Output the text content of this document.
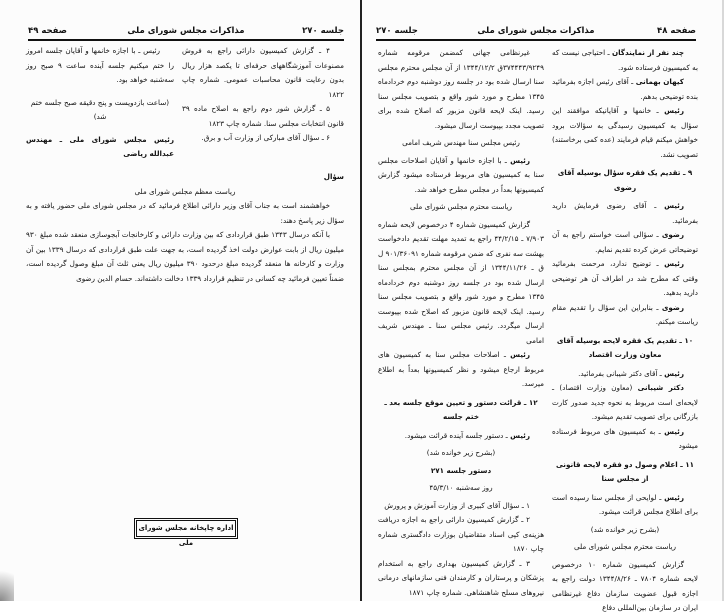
جلسه ۲۷۰
مذاکرات مجلس شورای ملی
صفحه ۴۹

۴ ـ گزارش کمیسیون دارائی راجع به فروش مصنوعات آموزشگاههای حرفه‌ای تا یکصد هزار ریال بدون رعایت قانون محاسبات عمومی. شماره چاپ ۱۸۲۲

۵ ـ گزارش شور دوم راجع به اصلاح ماده ۳۹ قانون انتخابات مجلس سنا. شماره چاپ ۱۸۲۳

۶ ـ سؤال آقای مبارکی از وزارت آب و برق.

رئیس ـ با اجازه خانمها و آقایان جلسه امروز را ختم میکنیم جلسه آینده ساعت ۹ صبح روز سه‌شنبه خواهد بود.

(ساعت بازدویست و پنج دقیقه صبح جلسه ختم شد)

رئیس مجلس شورای ملی ـ مهندس عبدالله ریاضی

سؤال

ریاست معظم مجلس شورای ملی

خواهشمند است به جناب آقای وزیر دارائی اطلاع فرمائید که در مجلس شورای ملی حضور یافته و به سؤال زیر پاسخ دهند:

با آنکه درسال ۱۳۴۳ طبق قراردادی که بین وزارت دارائی و کارخانجات آبجوسازی منعقد شده مبلغ ۹۳۰ میلیون ریال از بابت عوارض دولت اخذ گردیده است، به جهت علت طبق قراردادی که درسال ۱۳۳۹ بین آن وزارت و کارخانه ها منعقد گردیده مبلغ درحدود ۳۹۰ میلیون ریال یعنی ثلث آن مبلغ وصول گردیده است، ضمناً تعیین فرمائید چه کسانی در تنظیم قرارداد ۱۳۳۹ دخالت داشته‌اند. حسام الدین رضوی

اداره چاپخانه مجلس شورای ملی
صفحه ۴۸
مذاکرات مجلس شورای ملی
جلسه ۲۷۰

چند نفر از نمایندگان ـ احتیاجی نیست که به کمیسیون فرستاده شود.

کیهان بهمانی ـ آقای رئیس اجازه بفرمائید بنده توضیحی بدهم.

رئیس ـ خانمها و آقایانیکه موافقند این سؤال به کمیسیون رسیدگی به سؤالات برود خواهش میکنم قیام فرمایند (عده کمی برخاستند) تصویب نشد.

۹ ـ تقدیم یک فقره سؤال بوسیله آقای رضوی

رئیس ـ آقای رضوی فرمایش دارید بفرمائید.

رضوی ـ سؤالی است خواستم راجع به آن توضیحاتی عرض کرده تقدیم نمایم.

رئیس ـ توضیح ندارد، مرحمت بفرمائید وقتی که مطرح شد در اطراف آن هر توضیحی دارید بدهید.

رضوی ـ بنابراین این سؤال را تقدیم مقام ریاست میکنم.

۱۰ ـ تقدیم یک فقره لایحه بوسیله آقای معاون وزارت اقتصاد

رئیس ـ آقای دکتر شیبانی بفرمائید.

دکتر شیبانی (معاون وزارت اقتصاد) ـ لایحه‌ای است مربوط به نحوه جدید صدور کارت بازرگانی برای تصویب تقدیم میشود.

رئیس ـ به کمیسیون های مربوط فرستاده میشود

۱۱ ـ اعلام وصول دو فقره لایحه قانونی از مجلس سنا

رئیس ـ لوایحی از مجلس سنا رسیده است برای اطلاع مجلس قرائت میشود.

(بشرح زیر خوانده شد)

ریاست محترم مجلس شورای ملی

گزارش کمیسیون شماره ۱۰ درخصوص لایحه شماره ۷۸۰۴ ـ ۱۳۴۴/۸/۲۶ دولت راجع به اجازه قبول عضویت سازمان دفاع غیرنظامی ایران در سازمان بین‌المللی دفاع

غیرنظامی جهانی کمضمن مرقومه شماره ۳۷۴۴۴۳/۹۲۴۹ق ۱۳۴۴/۱۲/۲ از آن مجلس محترم مجلس سنا ارسال شده بود در جلسه روز دوشنبه دوم خردادماه ۱۳۴۵ مطرح و مورد شور واقع و بتصویب مجلس سنا رسید. اینک لایحه قانون مزبور که اصلاح شده برای تصویب مجدد بپیوست ارسال میشود.

رئیس مجلس سنا مهندس شریف امامی

رئیس ـ با اجازه خانمها و آقایان اصلاحات مجلس سنا به کمیسیون های مربوط فرستاده میشود گزارش کمیسیونها بعداً در مجلس مطرح خواهد شد.

ریاست محترم مجلس شورای ملی

گزارش کمیسیون شماره ۴ درخصوص لایحه شماره ۷/۹۰۳ ـ ۴۴/۲/۱۵ راجع به تمدید مهلت تقدیم دادخواست بهشت سه نفری که ضمن مرقومه شماره ۹۰۱/۳۶۰۹۱ ل ق ـ ۱۳۴۴/۱۱/۲۶ از آن مجلس محترم بمجلس سنا ارسال شده بود در جلسه روز دوشنبه دوم خردادماه ۱۳۴۵ مطرح و مورد شور واقع و بتصویب مجلس سنا رسید. اینک لایحه قانون مزبور که اصلاح شده بپیوست ارسال میگردد. رئیس مجلس سنا ـ مهندس شریف امامی

رئیس ـ اصلاحات مجلس سنا به کمیسیون های مربوط ارجاع میشود و نظر کمیسیونها بعداً به اطلاع میرسد.

۱۲ ـ قرائت دستور و تعیین موقع جلسه بعد ـ ختم جلسه

رئیس ـ دستور جلسه آینده قرائت میشود.

(بشرح زیر خوانده شد)

دستور جلسه ۲۷۱

روز سه‌شنبه ۴۵/۳/۱۰

۱ ـ سؤال آقای کبیری از وزارت آموزش و پرورش

۲ ـ گزارش کمیسیون دارائی راجع به اجازه دریافت هزینه‌ی کپی اسناد متقاضیان بوزارت دادگستری شماره چاپ ۱۸۷۰

۳ ـ گزارش کمیسیون بهداری راجع به استخدام پزشکان و پرستاران و کارمندان فنی سازمانهای درمانی نیروهای مسلح شاهنشاهی. شماره چاپ ۱۸۷۱
